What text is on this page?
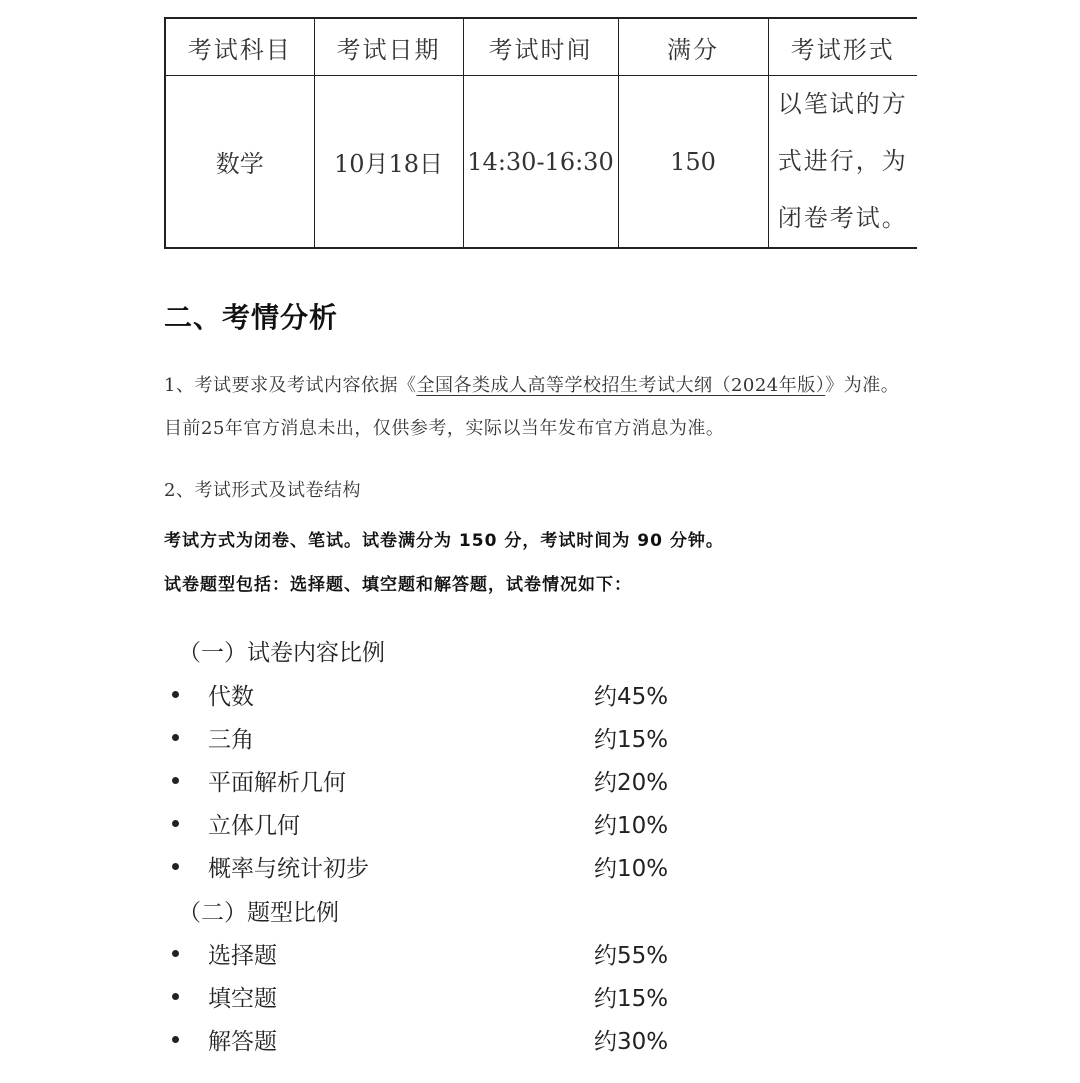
考试科目	考试日期	考试时间	满分	考试形式
数学	10月18日	14:30-16:30	150	以笔试的方
式进行，为
闭卷考试。
二、考情分析
1、考试要求及考试内容依据《全国各类成人高等学校招生考试大纲（2024年版）》为准。
目前25年官方消息未出，仅供参考，实际以当年发布官方消息为准。
2、考试形式及试卷结构
考试方式为闭卷、笔试。试卷满分为 150 分，考试时间为 90 分钟。
试卷题型包括：选择题、填空题和解答题，试卷情况如下：
（一）试卷内容比例
代数	约45%
三角	约15%
平面解析几何	约20%
立体几何	约10%
概率与统计初步	约10%
（二）题型比例
选择题	约55%
填空题	约15%
解答题	约30%
